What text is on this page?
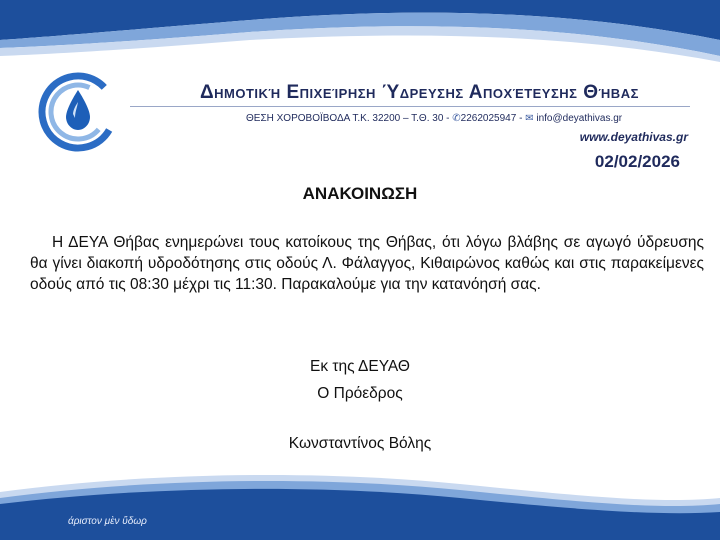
Δημοτική Επιχείρηση Ύδρευσης Αποχέτευσης Θήβας
ΘΕΣΗ ΧΟΡΟΒΟΪΒΟΔΑ Τ.Κ. 32200 – Τ.Θ. 30 - ✆2262025947 - ✉ info@deyathivas.gr
www.deyathivas.gr
02/02/2026
ΑΝΑΚΟΙΝΩΣΗ
Η ΔΕΥΑ Θήβας ενημερώνει τους κατοίκους της Θήβας, ότι λόγω βλάβης σε αγωγό ύδρευσης θα γίνει διακοπή υδροδότησης στις οδούς Λ. Φάλαγγος, Κιθαιρώνος καθώς και στις παρακείμενες οδούς από τις 08:30 μέχρι τις 11:30. Παρακαλούμε για την κατανόησή σας.
Εκ της ΔΕΥΑΘ
Ο Πρόεδρος
Κωνσταντίνος Βόλης
άριστον μὲν ὕδωρ
